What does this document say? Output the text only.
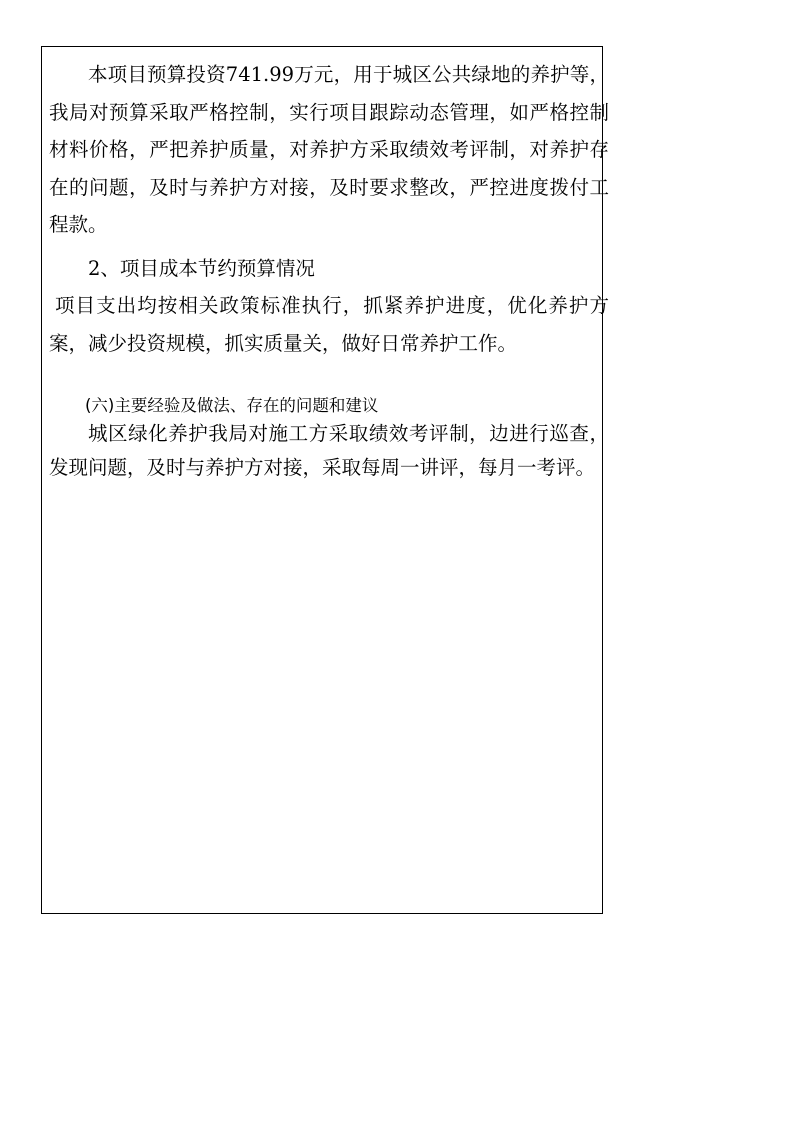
本项目预算投资741.99万元，用于城区公共绿地的养护等，我局对预算采取严格控制，实行项目跟踪动态管理，如严格控制材料价格，严把养护质量，对养护方采取绩效考评制，对养护存在的问题，及时与养护方对接，及时要求整改，严控进度拨付工程款。
2、项目成本节约预算情况
项目支出均按相关政策标准执行，抓紧养护进度，优化养护方案，减少投资规模，抓实质量关，做好日常养护工作。
(六)主要经验及做法、存在的问题和建议
城区绿化养护我局对施工方采取绩效考评制，边进行巡查，发现问题，及时与养护方对接，采取每周一讲评，每月一考评。
